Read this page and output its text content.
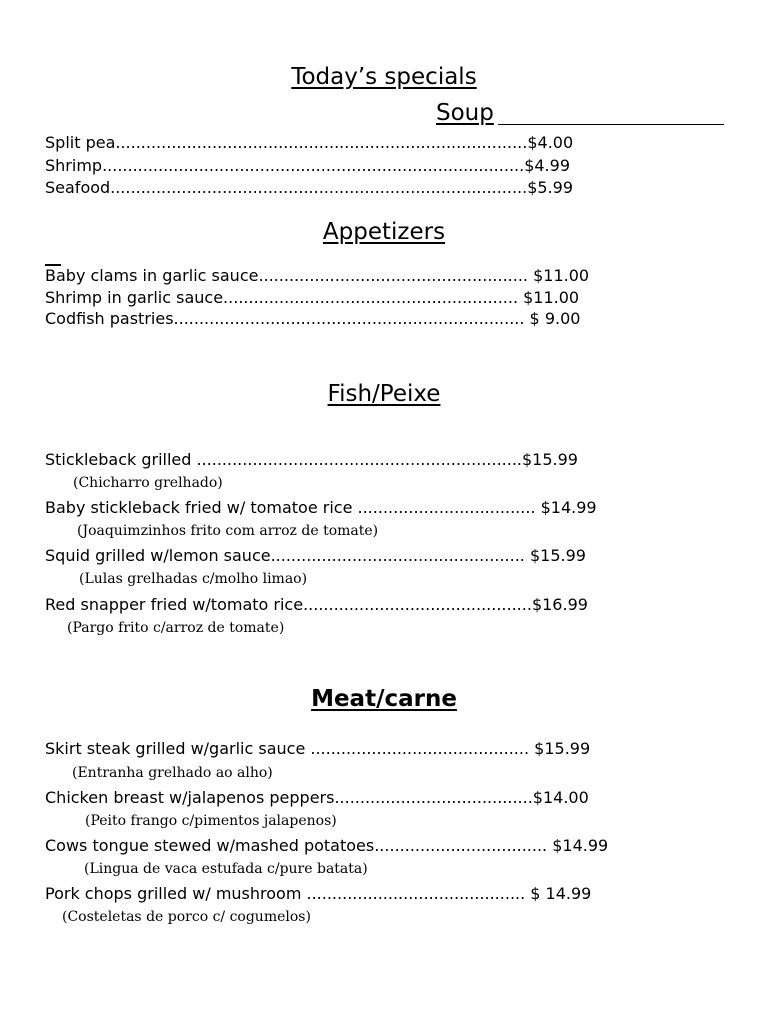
Today’s specials
Soup
Split pea.................................................................................$4.00
Shrimp...................................................................................$4.99
Seafood..................................................................................$5.99
Appetizers
Baby clams in garlic sauce..................................................... $11.00
Shrimp in garlic sauce.......................................................... $11.00
Codfish pastries..................................................................... $ 9.00
Fish/Peixe
Stickleback grilled ................................................................$15.99
(Chicharro grelhado)
Baby stickleback fried w/ tomatoe rice ................................... $14.99
(Joaquimzinhos frito com arroz de tomate)
Squid grilled w/lemon sauce.................................................. $15.99
(Lulas grelhadas c/molho limao)
Red snapper fried w/tomato rice.............................................$16.99
(Pargo frito c/arroz de tomate)
Meat/carne
Skirt steak grilled w/garlic sauce ........................................... $15.99
(Entranha grelhado ao alho)
Chicken breast w/jalapenos peppers.......................................$14.00
(Peito frango c/pimentos jalapenos)
Cows tongue stewed w/mashed potatoes.................................. $14.99
(Lingua de vaca estufada c/pure batata)
Pork chops grilled w/ mushroom ........................................... $ 14.99
(Costeletas de porco c/ cogumelos)
